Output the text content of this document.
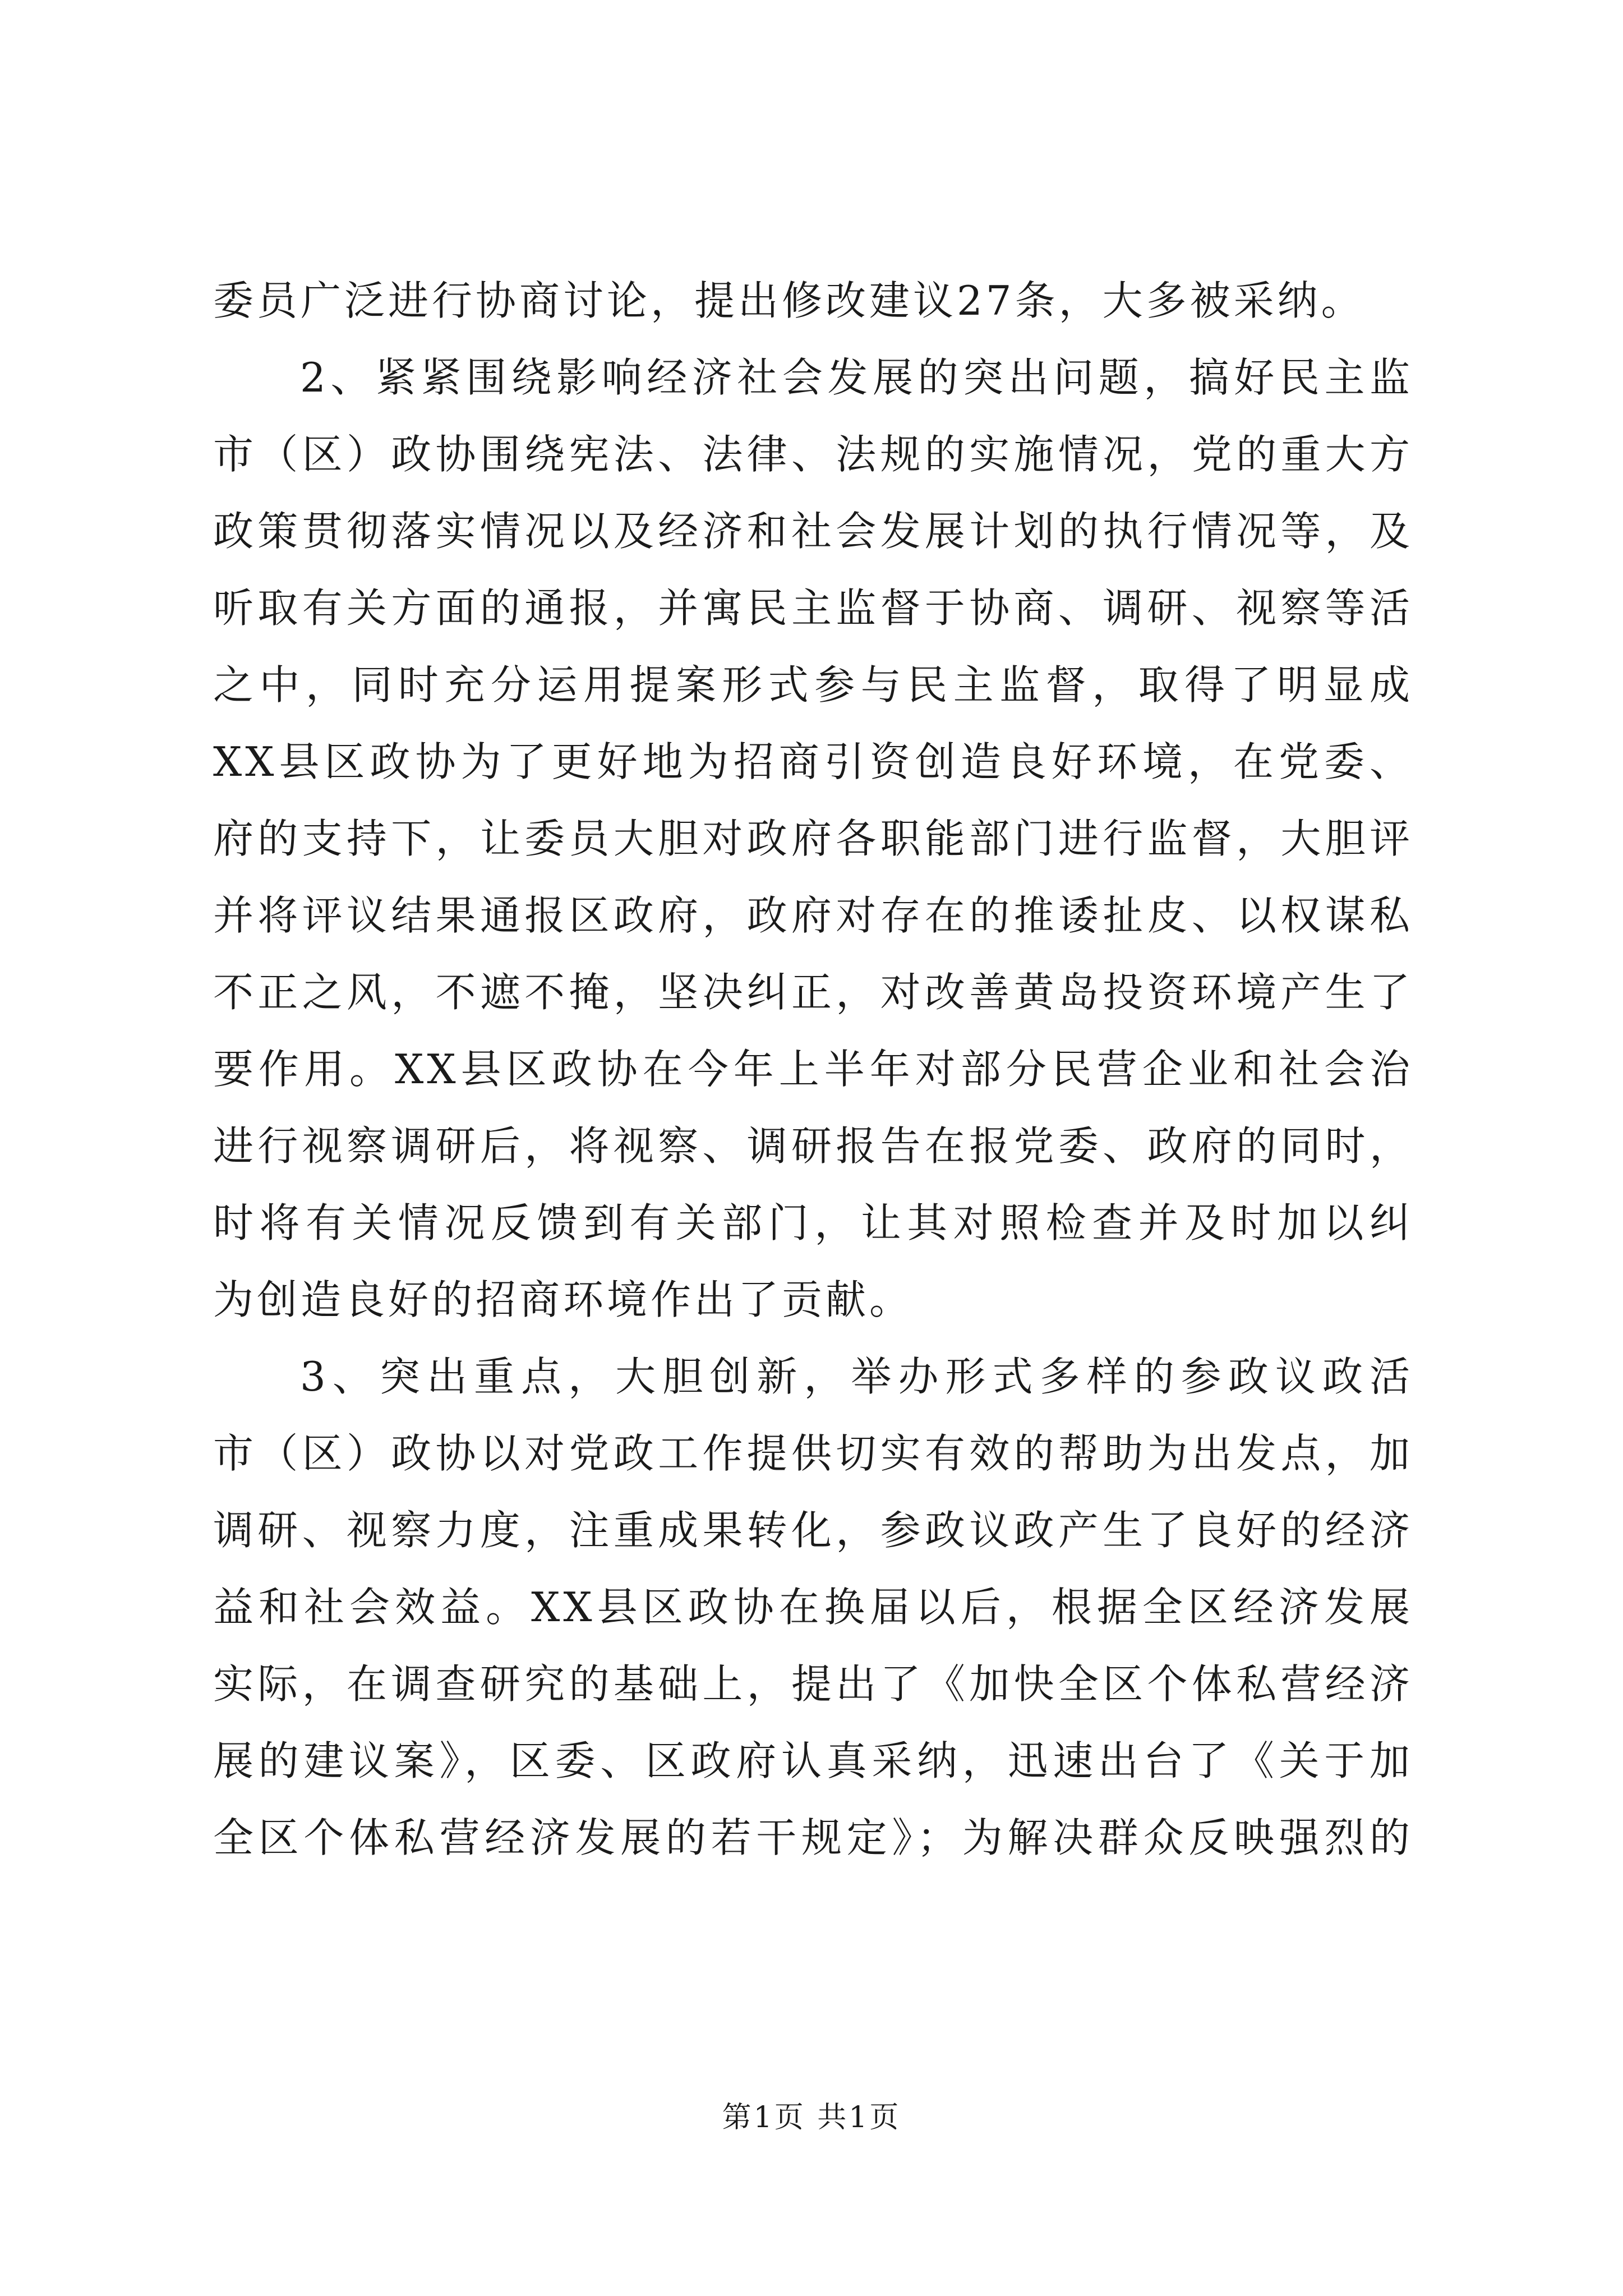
委员广泛进行协商讨论，提出修改建议27条，大多被采纳。
2、紧紧围绕影响经济社会发展的突出问题，搞好民主监
市（区）政协围绕宪法、法律、法规的实施情况，党的重大方
政策贯彻落实情况以及经济和社会发展计划的执行情况等，及
听取有关方面的通报，并寓民主监督于协商、调研、视察等活
之中，同时充分运用提案形式参与民主监督，取得了明显成
XX县区政协为了更好地为招商引资创造良好环境，在党委、
府的支持下，让委员大胆对政府各职能部门进行监督，大胆评
并将评议结果通报区政府，政府对存在的推诿扯皮、以权谋私
不正之风，不遮不掩，坚决纠正，对改善黄岛投资环境产生了
要作用。XX县区政协在今年上半年对部分民营企业和社会治
进行视察调研后，将视察、调研报告在报党委、政府的同时，
时将有关情况反馈到有关部门，让其对照检查并及时加以纠
为创造良好的招商环境作出了贡献。
3、突出重点，大胆创新，举办形式多样的参政议政活
市（区）政协以对党政工作提供切实有效的帮助为出发点，加
调研、视察力度，注重成果转化，参政议政产生了良好的经济
益和社会效益。XX县区政协在换届以后，根据全区经济发展
实际，在调查研究的基础上，提出了《加快全区个体私营经济
展的建议案》，区委、区政府认真采纳，迅速出台了《关于加
全区个体私营经济发展的若干规定》；为解决群众反映强烈的
第1页 共1页
